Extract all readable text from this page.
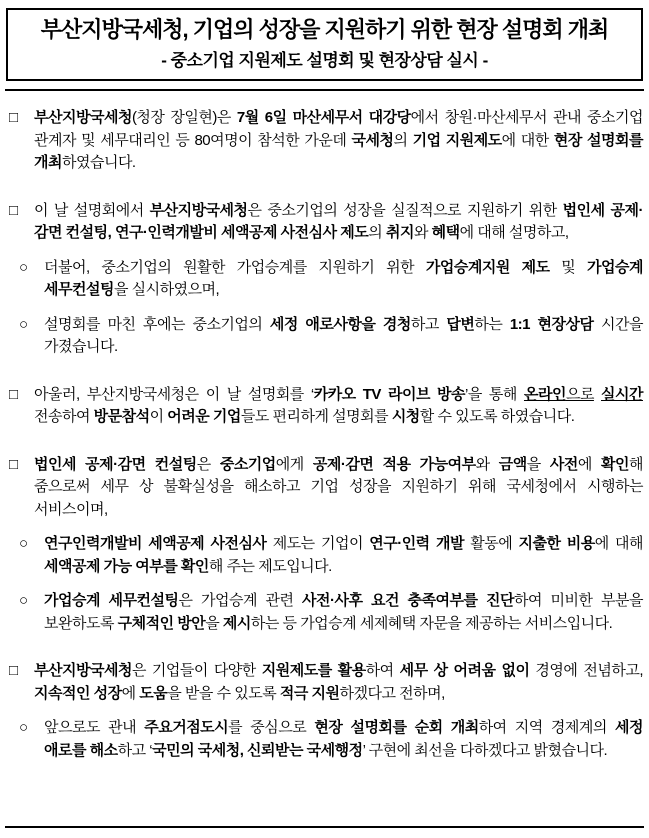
부산지방국세청, 기업의 성장을 지원하기 위한 현장 설명회 개최
- 중소기업 지원제도 설명회 및 현장상담 실시 -
□ 부산지방국세청(청장 장일현)은 7월 6일 마산세무서 대강당에서 창원·마산세무서 관내 중소기업 관계자 및 세무대리인 등 80여명이 참석한 가운데 국세청의 기업 지원제도에 대한 현장 설명회를 개최하였습니다.
□ 이 날 설명회에서 부산지방국세청은 중소기업의 성장을 실질적으로 지원하기 위한 법인세 공제·감면 컨설팅, 연구·인력개발비 세액공제 사전심사 제도의 취지와 혜택에 대해 설명하고,
○ 더불어, 중소기업의 원활한 가업승계를 지원하기 위한 가업승계지원 제도 및 가업승계 세무컨설팅을 실시하였으며,
○ 설명회를 마친 후에는 중소기업의 세정 애로사항을 경청하고 답변하는 1:1 현장상담 시간을 가졌습니다.
□ 아울러, 부산지방국세청은 이 날 설명회를 ‘카카오 TV 라이브 방송’을 통해 온라인으로 실시간 전송하여 방문참석이 어려운 기업들도 편리하게 설명회를 시청할 수 있도록 하였습니다.
□ 법인세 공제·감면 컨설팅은 중소기업에게 공제·감면 적용 가능여부와 금액을 사전에 확인해 줌으로써 세무 상 불확실성을 해소하고 기업 성장을 지원하기 위해 국세청에서 시행하는 서비스이며,
○ 연구인력개발비 세액공제 사전심사 제도는 기업이 연구·인력 개발 활동에 지출한 비용에 대해 세액공제 가능 여부를 확인해 주는 제도입니다.
○ 가업승계 세무컨설팅은 가업승계 관련 사전·사후 요건 충족여부를 진단하여 미비한 부분을 보완하도록 구체적인 방안을 제시하는 등 가업승계 세제혜택 자문을 제공하는 서비스입니다.
□ 부산지방국세청은 기업들이 다양한 지원제도를 활용하여 세무 상 어려움 없이 경영에 전념하고, 지속적인 성장에 도움을 받을 수 있도록 적극 지원하겠다고 전하며,
○ 앞으로도 관내 주요거점도시를 중심으로 현장 설명회를 순회 개최하여 지역 경제계의 세정 애로를 해소하고 ‘국민의 국세청, 신뢰받는 국세행정’ 구현에 최선을 다하겠다고 밝혔습니다.
